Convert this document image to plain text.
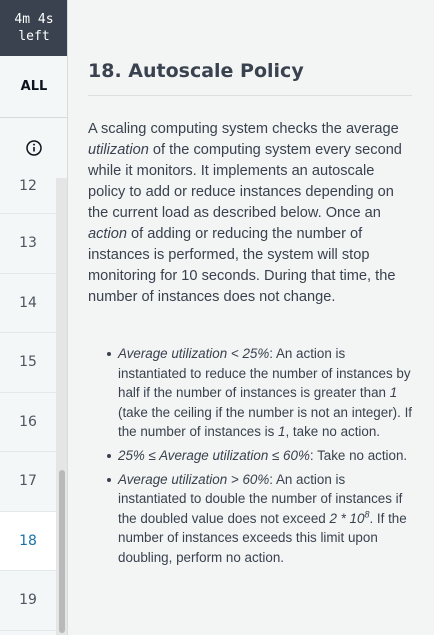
4m 4s
left
ALL
12
13
14
15
16
17
18
19
18. Autoscale Policy

A scaling computing system checks the average utilization of the computing system every second while it monitors. It implements an autoscale policy to add or reduce instances depending on the current load as described below. Once an action of adding or reducing the number of instances is performed, the system will stop monitoring for 10 seconds. During that time, the number of instances does not change.

Average utilization < 25%: An action is instantiated to reduce the number of instances by half if the number of instances is greater than 1 (take the ceiling if the number is not an integer). If the number of instances is 1, take no action.
25% ≤ Average utilization ≤ 60%: Take no action.
Average utilization > 60%: An action is instantiated to double the number of instances if the doubled value does not exceed $2 * 10^8$. If the number of instances exceeds this limit upon doubling, perform no action.
